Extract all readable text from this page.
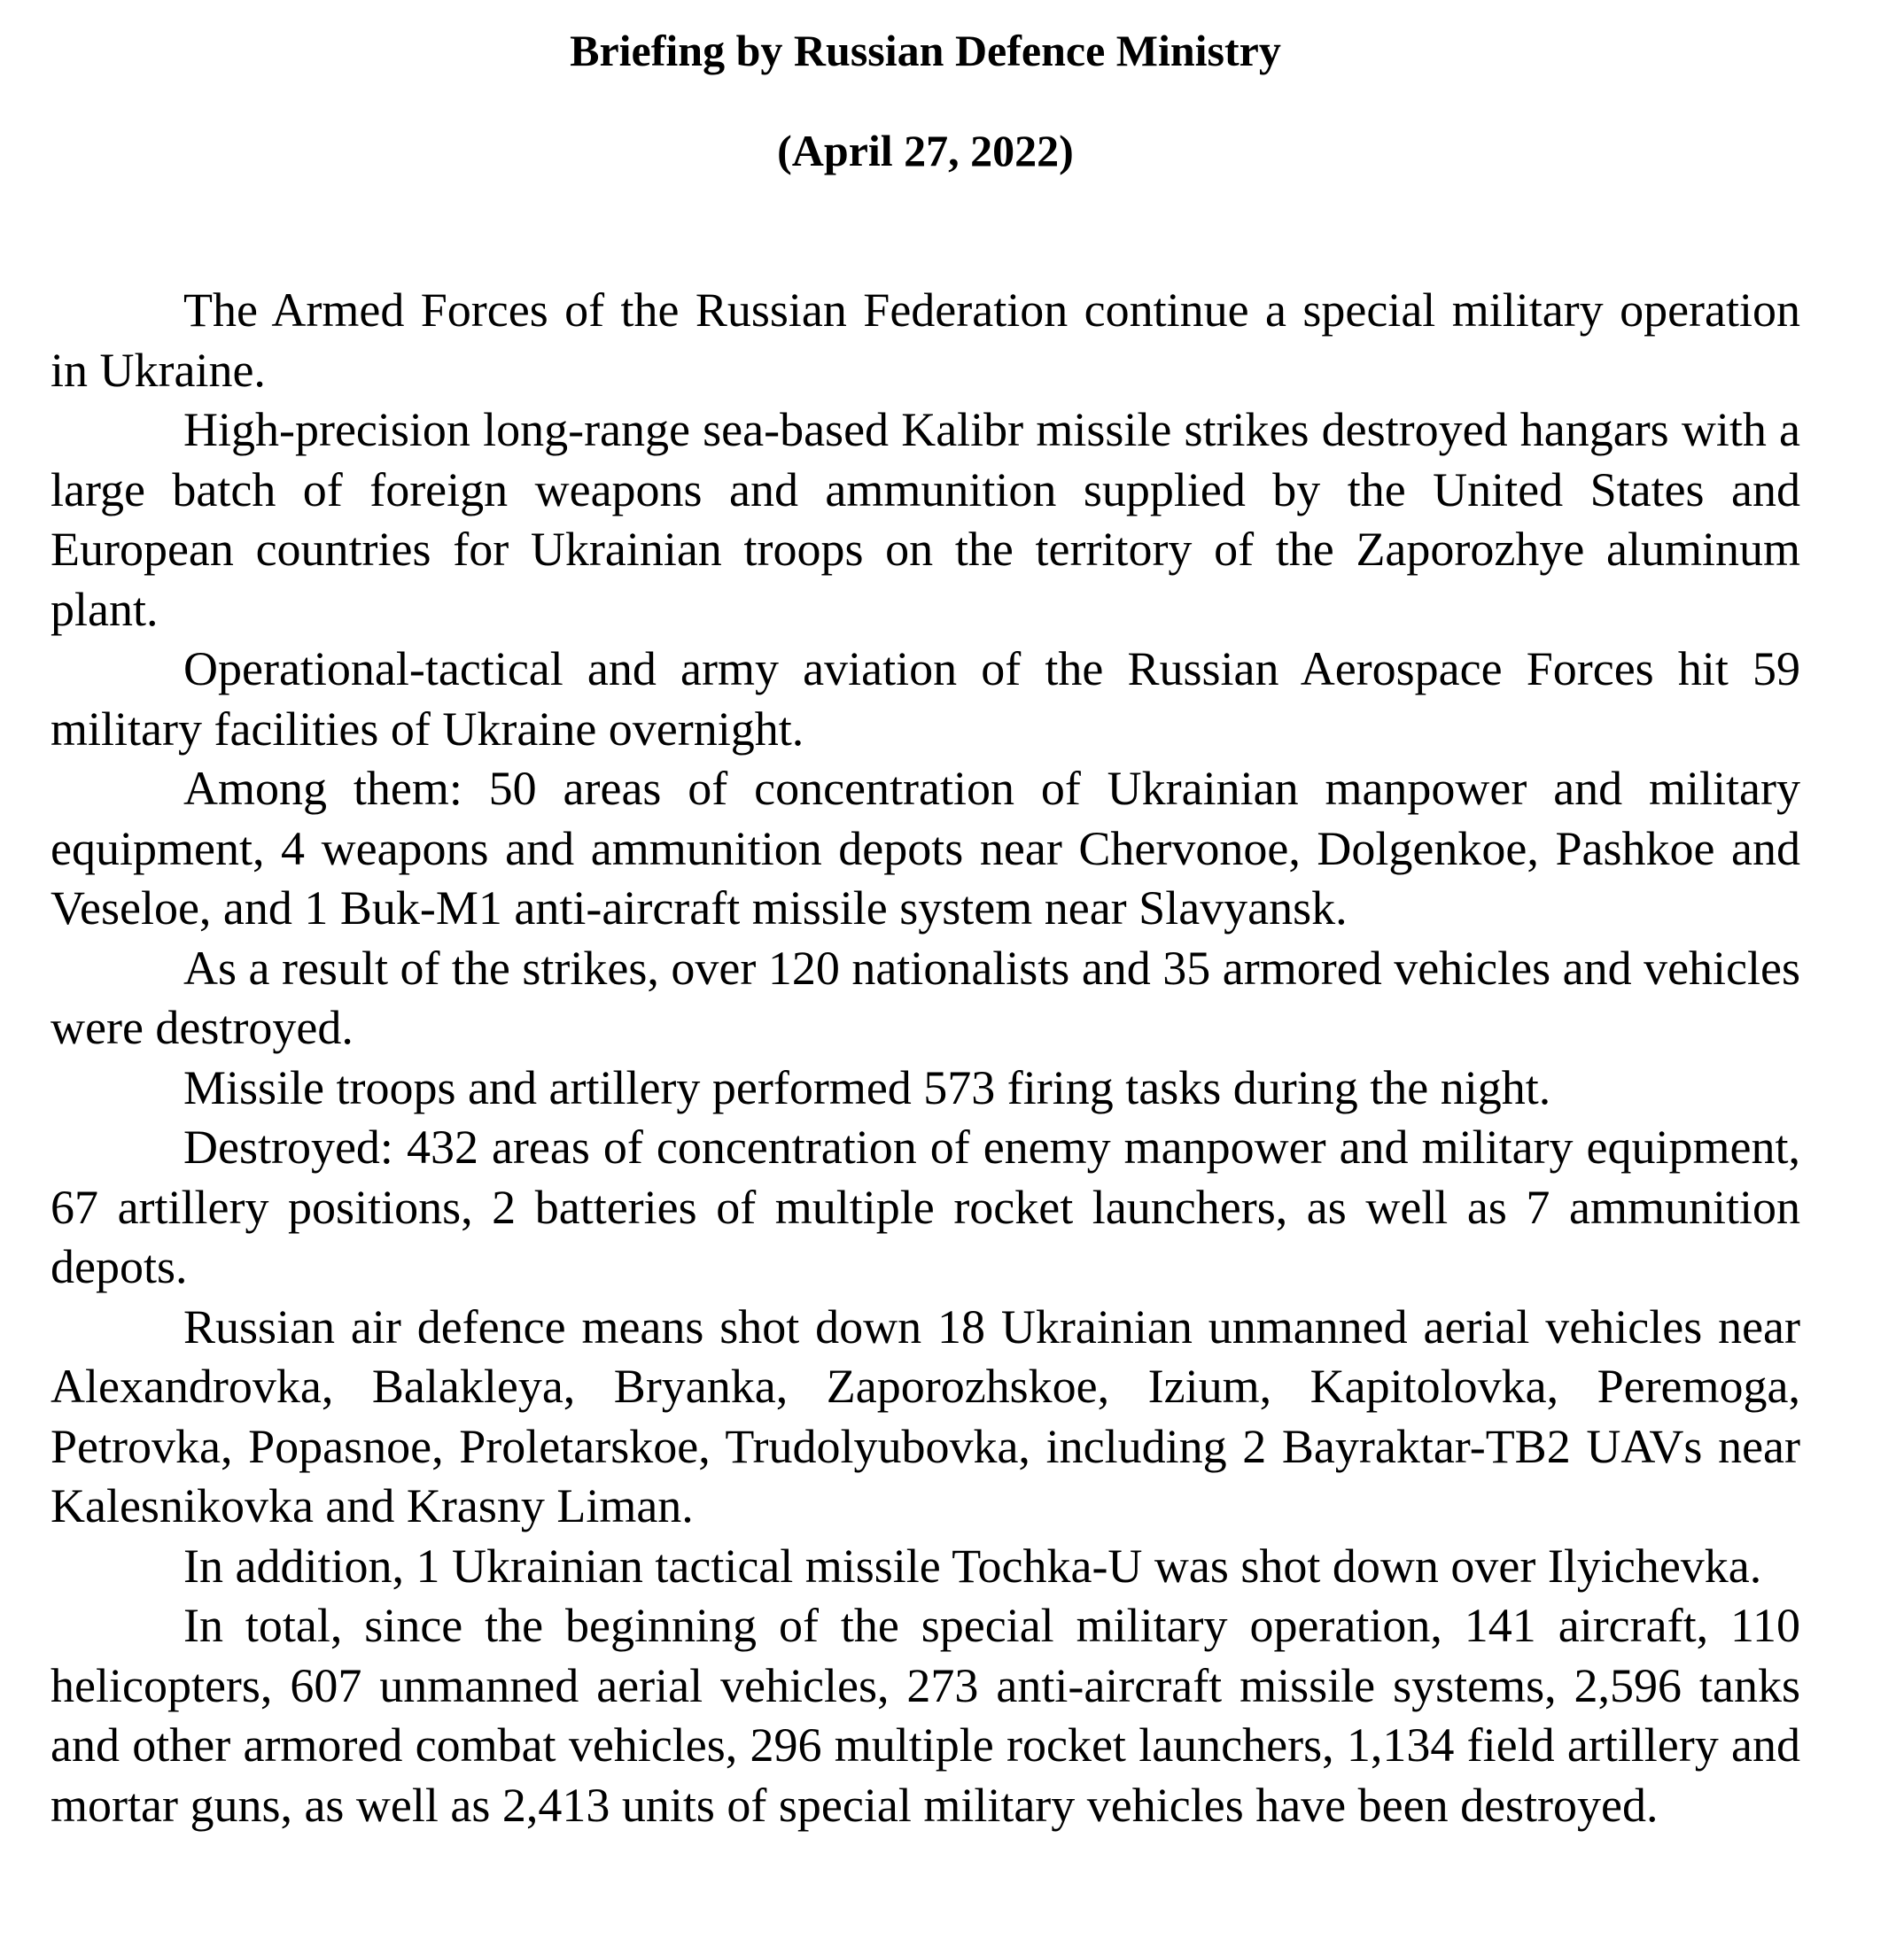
Briefing by Russian Defence Ministry
(April 27, 2022)

The Armed Forces of the Russian Federation continue a special military operation in Ukraine.

High-precision long-range sea-based Kalibr missile strikes destroyed hangars with a large batch of foreign weapons and ammunition supplied by the United States and European countries for Ukrainian troops on the territory of the Zaporozhye aluminum plant.

Operational-tactical and army aviation of the Russian Aerospace Forces hit 59 military facilities of Ukraine overnight.

Among them: 50 areas of concentration of Ukrainian manpower and military equipment, 4 weapons and ammunition depots near Chervonoe, Dolgenkoe, Pashkoe and Veseloe, and 1 Buk-M1 anti-aircraft missile system near Slavyansk.

As a result of the strikes, over 120 nationalists and 35 armored vehicles and vehicles were destroyed.

Missile troops and artillery performed 573 firing tasks during the night.

Destroyed: 432 areas of concentration of enemy manpower and military equipment, 67 artillery positions, 2 batteries of multiple rocket launchers, as well as 7 ammunition depots.

Russian air defence means shot down 18 Ukrainian unmanned aerial vehicles near Alexandrovka, Balakleya, Bryanka, Zaporozhskoe, Izium, Kapitolovka, Peremoga, Petrovka, Popasnoe, Proletarskoe, Trudolyubovka, including 2 Bayraktar-TB2 UAVs near Kalesnikovka and Krasny Liman.

In addition, 1 Ukrainian tactical missile Tochka-U was shot down over Ilyichevka.

In total, since the beginning of the special military operation, 141 aircraft, 110 helicopters, 607 unmanned aerial vehicles, 273 anti-aircraft missile systems, 2,596 tanks and other armored combat vehicles, 296 multiple rocket launchers, 1,134 field artillery and mortar guns, as well as 2,413 units of special military vehicles have been destroyed.
